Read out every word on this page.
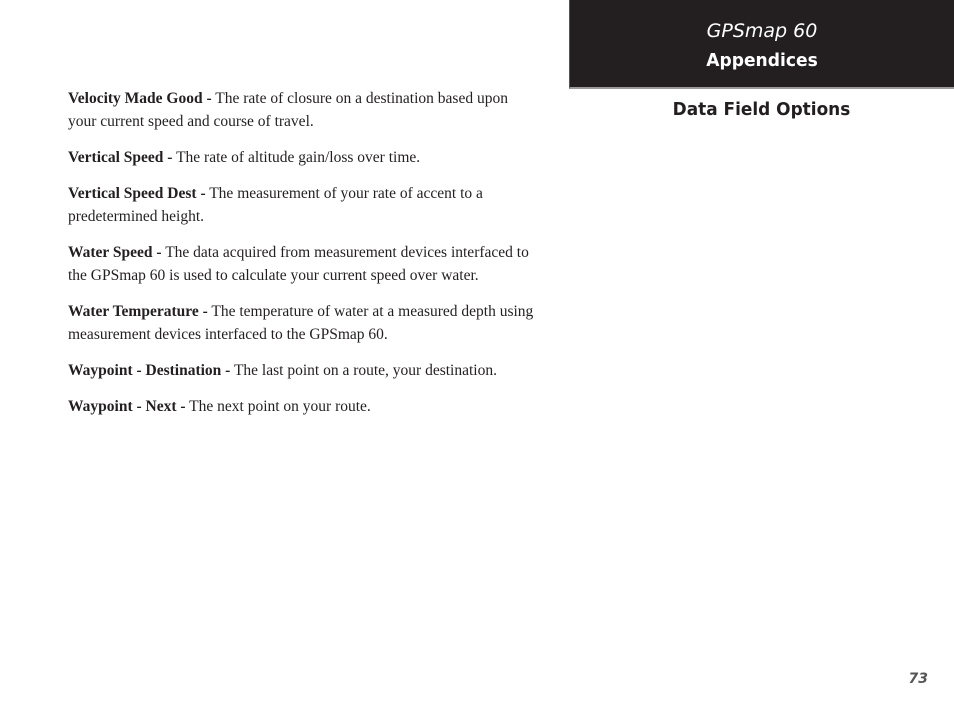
GPSmap 60
Appendices
Data Field Options

Velocity Made Good - The rate of closure on a destination based upon your current speed and course of travel.

Vertical Speed - The rate of altitude gain/loss over time.

Vertical Speed Dest - The measurement of your rate of accent to a predetermined height.

Water Speed - The data acquired from measurement devices interfaced to the GPSmap 60 is used to calculate your current speed over water.

Water Temperature - The temperature of water at a measured depth using measurement devices interfaced to the GPSmap 60.

Waypoint - Destination - The last point on a route, your destination.

Waypoint - Next - The next point on your route.

73
